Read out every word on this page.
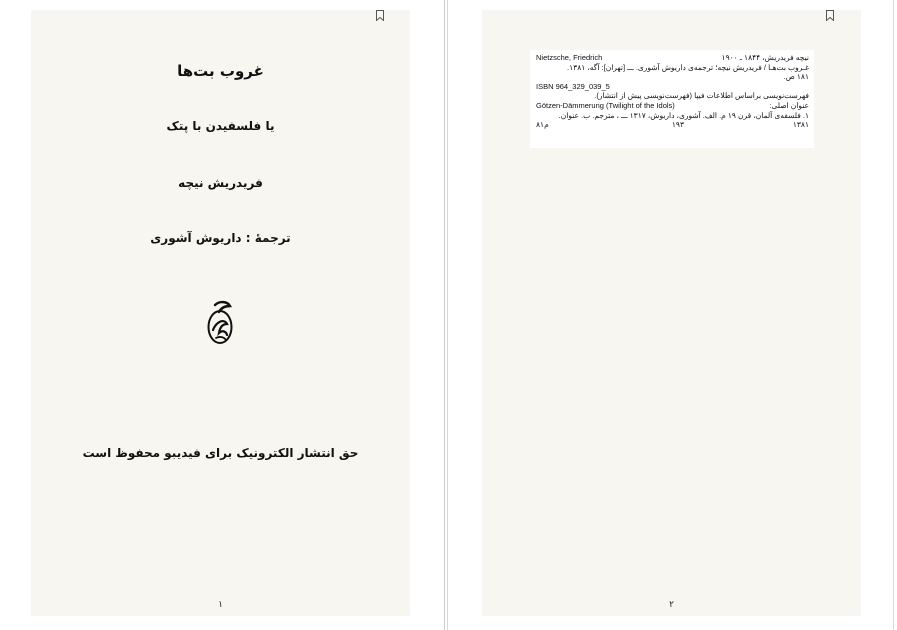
غروب بت‌ها
یا فلسفیدن با پتک
فریدریش نیچه
ترجمهٔ : داریوش آشوری
حق انتشار الکترونیک برای فیدیبو محفوظ است
۱
Nietzsche, Friedrich	نیچه فریدریش، ۱۸۴۴ ـ ۱۹۰۰
غـروب بت‌هـا / فریدریش نیچه؛ ترجمه‌ی داریوش آشوری. ـــ [تهران]: آگه، ۱۳۸۱.
۱۸۱ ص.
ISBN 964_329_039_5
فهرست‌نویسی براساس اطلاعات فیپا (فهرست‌نویسی پیش از انتشار).
Götzen-Dämmerung (Twilight of the Idols)	عنوان اصلی:
۱. فلسفه‌ی آلمان، قرن ۱۹ م. الف. آشوری، داریوش، ۱۳۱۷ ـــ ، مترجم. ب. عنوان.
۱۳۸۱
۱۹۳
۸۱م
۲
